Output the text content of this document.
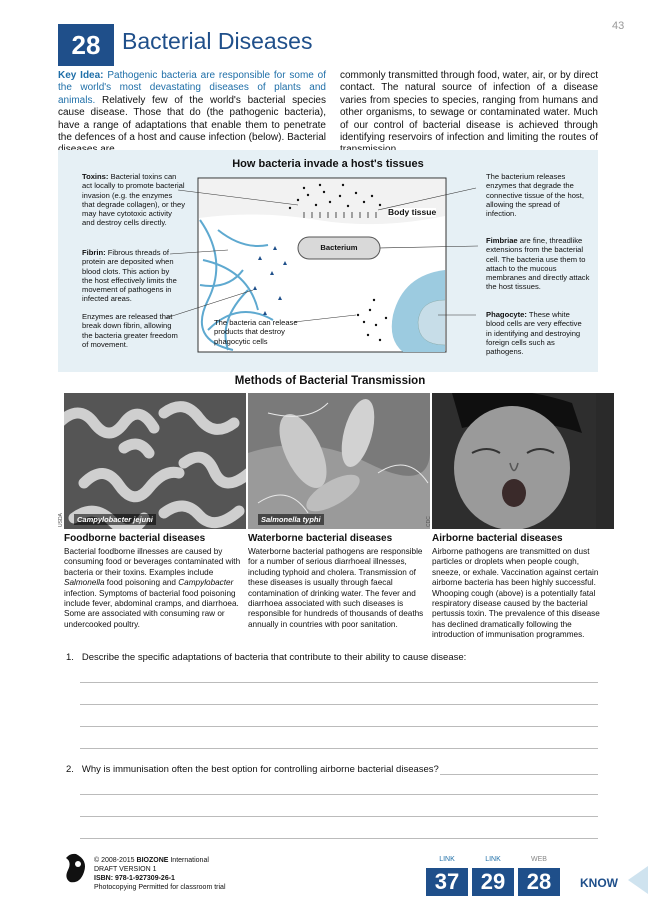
28 Bacterial Diseases
43
Key Idea: Pathogenic bacteria are responsible for some of the world's most devastating diseases of plants and animals. Relatively few of the world's bacterial species cause disease. Those that do (the pathogenic bacteria), have a range of adaptations that enable them to penetrate the defences of a host and cause infection (below). Bacterial
commonly transmitted through food, water, air, or by direct contact. The natural source of infection of a disease varies from species to species, ranging from humans and other organisms, to sewage or contaminated water. Much of our control of bacterial disease is achieved through identifying reservoirs of infection and limiting the routes of
How bacteria invade a host's tissues
Toxins: Bacterial toxins can act locally to promote bacterial invasion (e.g. the enzymes that degrade collagen), or they may have cytotoxic activity and destroy cells directly.
Fibrin: Fibrous threads of protein are deposited when blood clots. This action by the host effectively limits the movement of pathogens in infected areas.
Enzymes are released that break down fibrin, allowing the bacteria greater freedom of movement.
The bacteria can release products that destroy phagocytic cells
Body tissue
Bacterium
The bacterium releases enzymes that degrade the connective tissue of the host, allowing the spread of infection.
Fimbriae are fine, threadlike extensions from the bacterial cell. The bacteria use them to attach to the mucous membranes and directly attack the host tissues.
Phagocyte: These white blood cells are very effective in identifying and destroying foreign cells such as pathogens.
Methods of Bacterial Transmission
Campylobacter jejuni
USDA	Salmonella typhi
NIH	CDC
Foodborne bacterial diseases
Bacterial foodborne illnesses are caused by consuming food or beverages contaminated with bacteria or their toxins. Examples include Salmonella food poisoning and Campylobacter infection. Symptoms of bacterial food poisoning include fever, abdominal cramps, and diarrhoea. Some are associated with consuming raw or undercooked poultry.
Waterborne bacterial diseases
Waterborne bacterial pathogens are responsible for a number of serious diarrhoeal illnesses, including typhoid and cholera. Transmission of these diseases is usually through faecal contamination of drinking water. The fever and diarrhoea associated with such diseases is responsible for hundreds of thousands of deaths annually in countries with poor sanitation.
Airborne bacterial diseases
Airborne pathogens are transmitted on dust particles or droplets when people cough, sneeze, or exhale. Vaccination against certain airborne bacteria has been highly successful. Whooping cough (above) is a potentially fatal respiratory disease caused by the bacterial pertussis toxin. The prevalence of this disease has declined dramatically following the introduction of immunisation programmes.
1. Describe the specific adaptations of bacteria that contribute to their ability to cause disease:
2. Why is immunisation often the best option for controlling airborne bacterial diseases?
© 2008-2015 BIOZONE International
DRAFT VERSION 1
ISBN: 978-1-927309-26-1
Photocopying Permitted for classroom trial
LINK
37
LINK
29
WEB
28	KNOW
